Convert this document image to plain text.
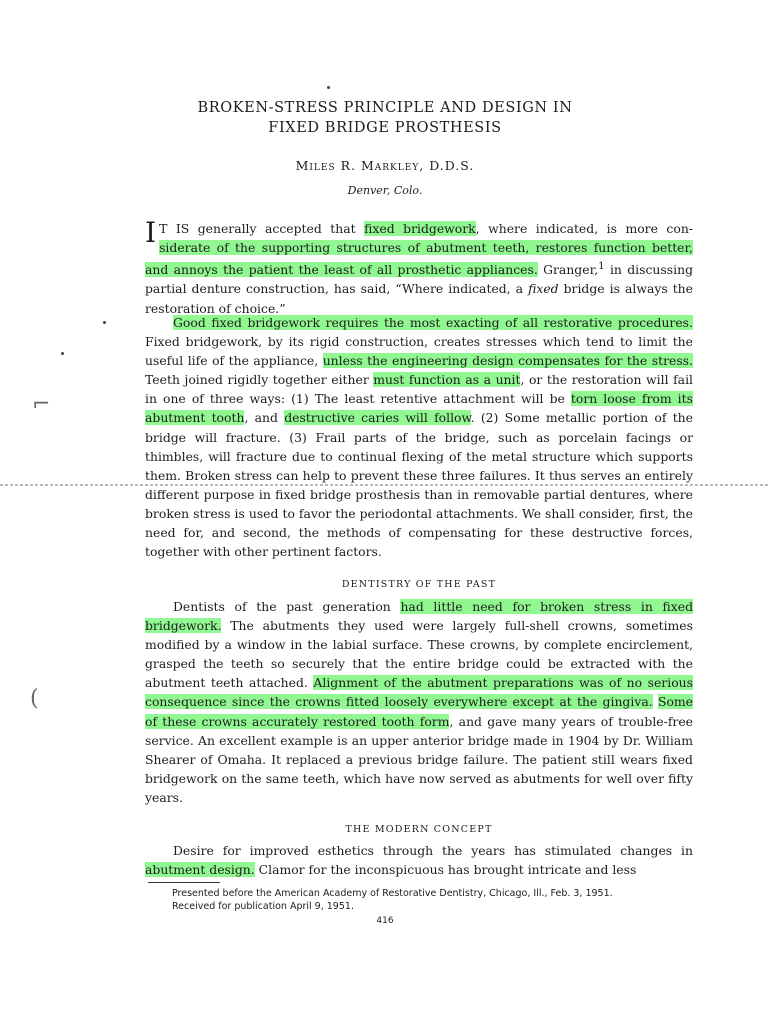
BROKEN-STRESS PRINCIPLE AND DESIGN IN
FIXED BRIDGE PROSTHESIS
Miles R. Markley, D.D.S.
Denver, Colo.
I T IS generally accepted that fixed bridgework, where indicated, is more con- siderate of the supporting structures of abutment teeth, restores function better, and annoys the patient the least of all prosthetic appliances. Granger,$^1$ in discussing partial denture construction, has said, “Where indicated, a fixed bridge is always the restoration of choice.”
Good fixed bridgework requires the most exacting of all restorative procedures. Fixed bridgework, by its rigid construction, creates stresses which tend to limit the useful life of the appliance, unless the engineering design compensates for the stress. Teeth joined rigidly together either must function as a unit, or the restoration will fail in one of three ways: (1) The least retentive attachment will be torn loose from its abutment tooth, and destructive caries will follow. (2) Some metallic portion of the bridge will fracture. (3) Frail parts of the bridge, such as porcelain facings or thimbles, will fracture due to continual flexing of the metal structure which supports them. Broken stress can help to prevent these three failures. It thus serves an entirely different purpose in fixed bridge prosthesis than in removable partial dentures, where broken stress is used to favor the periodontal attachments. We shall consider, first, the need for, and second, the methods of compensating for these destructive forces, together with other pertinent factors.
DENTISTRY OF THE PAST
Dentists of the past generation had little need for broken stress in fixed bridgework. The abutments they used were largely full-shell crowns, sometimes modified by a window in the labial surface. These crowns, by complete encirclement, grasped the teeth so securely that the entire bridge could be extracted with the abutment teeth attached. Alignment of the abutment preparations was of no serious consequence since the crowns fitted loosely everywhere except at the gingiva. Some of these crowns accurately restored tooth form, and gave many years of trouble-free service. An excellent example is an upper anterior bridge made in 1904 by Dr. William Shearer of Omaha. It replaced a previous bridge failure. The patient still wears fixed bridgework on the same teeth, which have now served as abutments for well over fifty years.
THE MODERN CONCEPT
Desire for improved esthetics through the years has stimulated changes in abutment design. Clamor for the inconspicuous has brought intricate and less
Presented before the American Academy of Restorative Dentistry, Chicago, Ill., Feb. 3, 1951.
Received for publication April 9, 1951.
416
⌐
(
